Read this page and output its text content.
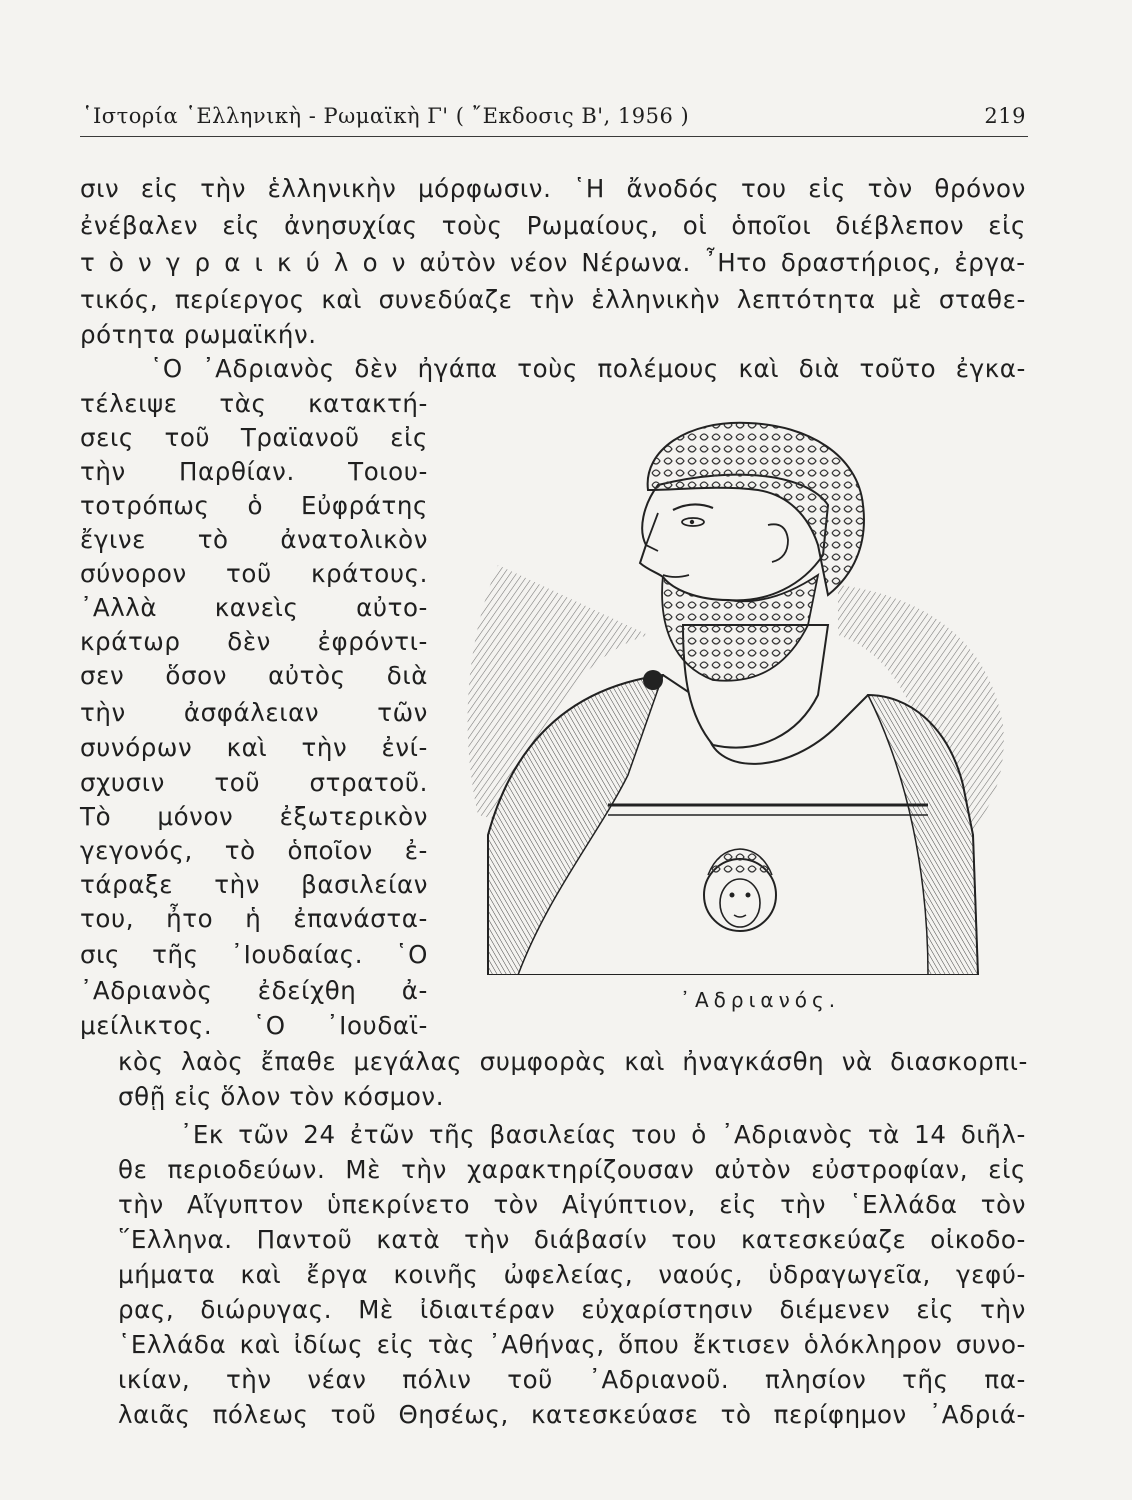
῾Ιστορία ῾Ελληνικὴ - Ρωμαϊκὴ Γ' ( ῎Εκδοσις Β', 1956 )	219
σιν εἰς τὴν ἑλληνικὴν μόρφωσιν. ῾Η ἄνοδός του εἰς τὸν θρόνον
ἐνέβαλεν εἰς ἀνησυχίας τοὺς Ρωμαίους, οἱ ὁποῖοι διέβλεπον εἰς
τ ὸ ν γ ρ α ι κ ύ λ ο ν αὐτὸν νέον Νέρωνα. ῏Ητο δραστήριος, ἐργα-
τικός, περίεργος καὶ συνεδύαζε τὴν ἑλληνικὴν λεπτότητα μὲ σταθε-
ρότητα ρωμαϊκήν.
῾Ο ᾿Αδριανὸς δὲν ἠγάπα τοὺς πολέμους καὶ διὰ τοῦτο ἐγκα-
τέλειψε τὰς κατακτή-
σεις τοῦ Τραϊανοῦ εἰς
τὴν Παρθίαν. Τοιου-
τοτρόπως ὁ Εὐφράτης
ἔγινε τὸ ἀνατολικὸν
σύνορον τοῦ κράτους.
᾿Αλλὰ κανεὶς αὐτο-
κράτωρ δὲν ἐφρόντι-
σεν ὅσον αὐτὸς διὰ
τὴν ἀσφάλειαν τῶν
συνόρων καὶ τὴν ἐνί-
σχυσιν τοῦ στρατοῦ.
Τὸ μόνον ἐξωτερικὸν
γεγονός, τὸ ὁποῖον ἐ-
τάραξε τὴν βασιλείαν
του, ἦτο ἡ ἐπανάστα-
σις τῆς ᾿Ιουδαίας. ῾Ο
᾿Αδριανὸς ἐδείχθη ἀ-
μείλικτος. ῾Ο ᾿Ιουδαϊ-
κὸς λαὸς ἔπαθε μεγάλας συμφορὰς καὶ ἠναγκάσθη νὰ διασκορπι-
σθῇ εἰς ὅλον τὸν κόσμον.
᾿Εκ τῶν 24 ἐτῶν τῆς βασιλείας του ὁ ᾿Αδριανὸς τὰ 14 διῆλ-
θε περιοδεύων. Μὲ τὴν χαρακτηρίζουσαν αὐτὸν εὐστροφίαν, εἰς
τὴν Αἴγυπτον ὑπεκρίνετο τὸν Αἰγύπτιον, εἰς τὴν ῾Ελλάδα τὸν
῞Ελληνα. Παντοῦ κατὰ τὴν διάβασίν του κατεσκεύαζε οἰκοδο-
μήματα καὶ ἔργα κοινῆς ὠφελείας, ναούς, ὑδραγωγεῖα, γεφύ-
ρας, διώρυγας. Μὲ ἰδιαιτέραν εὐχαρίστησιν διέμενεν εἰς τὴν
῾Ελλάδα καὶ ἰδίως εἰς τὰς ᾿Αθήνας, ὅπου ἔκτισεν ὁλόκληρον συνο-
ικίαν, τὴν νέαν πόλιν τοῦ ᾿Αδριανοῦ. πλησίον τῆς πα-
λαιᾶς πόλεως τοῦ Θησέως, κατεσκεύασε τὸ περίφημον ᾿Αδριά-
᾿Αδριανός.
